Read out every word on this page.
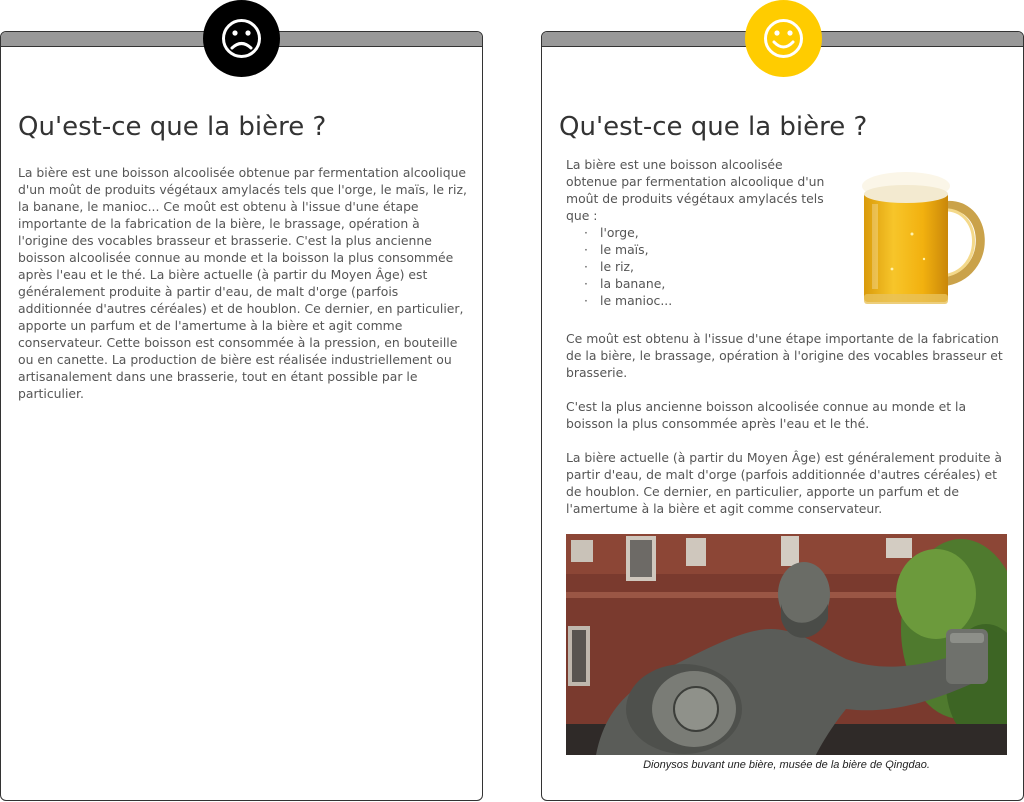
Qu'est-ce que la bière ?

La bière est une boisson alcoolisée obtenue par fermentation alcoolique d'un moût de produits végétaux amylacés tels que l'orge, le maïs, le riz, la banane, le manioc... Ce moût est obtenu à l'issue d'une étape importante de la fabrication de la bière, le brassage, opération à l'origine des vocables brasseur et brasserie. C'est la plus ancienne boisson alcoolisée connue au monde et la boisson la plus consommée après l'eau et le thé. La bière actuelle (à partir du Moyen Âge) est généralement produite à partir d'eau, de malt d'orge (parfois additionnée d'autres céréales) et de houblon. Ce dernier, en particulier, apporte un parfum et de l'amertume à la bière et agit comme conservateur. Cette boisson est consommée à la pression, en bouteille ou en canette. La production de bière est réalisée industriellement ou artisanalement dans une brasserie, tout en étant possible par le particulier.

Qu'est-ce que la bière ?

La bière est une boisson alcoolisée obtenue par fermentation alcoolique d'un moût de produits végétaux amylacés tels que :

· l'orge,
· le maïs,
· le riz,
· la banane,
· le manioc...

Ce moût est obtenu à l'issue d'une étape importante de la fabrication de la bière, le brassage, opération à l'origine des vocables brasseur et brasserie.

C'est la plus ancienne boisson alcoolisée connue au monde et la boisson la plus consommée après l'eau et le thé.

La bière actuelle (à partir du Moyen Âge) est généralement produite à partir d'eau, de malt d'orge (parfois additionnée d'autres céréales) et de houblon. Ce dernier, en particulier, apporte un parfum et de l'amertume à la bière et agit comme conservateur.

Dionysos buvant une bière, musée de la bière de Qingdao.
